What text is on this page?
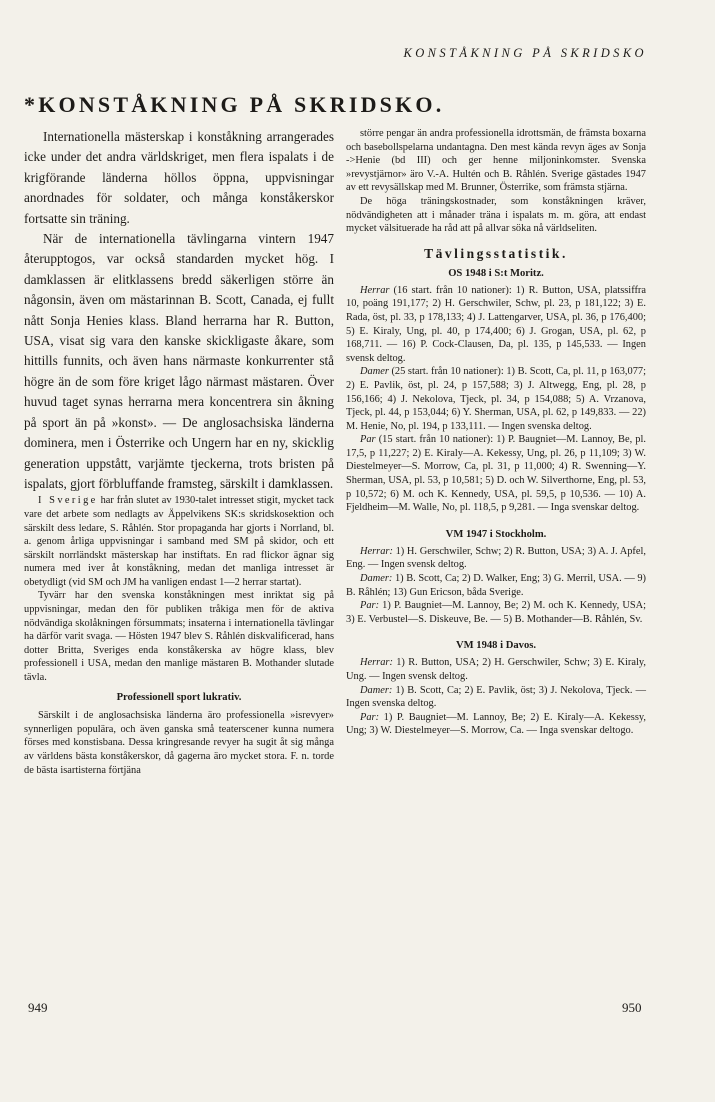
KONSTÅKNING PÅ SKRIDSKO
*KONSTÅKNING PÅ SKRIDSKO.

Internationella mästerskap i konståkning arrangerades icke under det andra världskriget, men flera ispalats i de krigförande länderna höllos öppna, uppvisningar anordnades för soldater, och många konståkerskor fortsatte sin träning.

När de internationella tävlingarna vintern 1947 återupptogos, var också standarden mycket hög. I damklassen är elitklassens bredd säkerligen större än någonsin, även om mästarinnan B. Scott, Canada, ej fullt nått Sonja Henies klass. Bland herrarna har R. Button, USA, visat sig vara den kanske skickligaste åkare, som hittills funnits, och även hans närmaste konkurrenter stå högre än de som före kriget lågo närmast mästaren. Över huvud taget synas herrarna mera koncentrera sin åkning på sport än på »konst». — De anglosachsiska länderna dominera, men i Österrike och Ungern har en ny, skicklig generation uppstått, varjämte tjeckerna, trots bristen på ispalats, gjort förbluffande framsteg, särskilt i damklassen.

I Sverige har från slutet av 1930-talet intresset stigit, mycket tack vare det arbete som nedlagts av Äppelvikens SK:s skridskosektion och särskilt dess ledare, S. Råhlén. Stor propaganda har gjorts i Norrland, bl. a. genom årliga uppvisningar i samband med SM på skidor, och ett särskilt norrländskt mästerskap har instiftats. En rad flickor ägnar sig numera med iver åt konståkning, medan det manliga intresset är obetydligt (vid SM och JM ha vanligen endast 1—2 herrar startat).

Tyvärr har den svenska konståkningen mest inriktat sig på uppvisningar, medan den för publiken tråkiga men för de aktiva nödvändiga skolåkningen försummats; insaterna i internationella tävlingar ha därför varit svaga. — Hösten 1947 blev S. Råhlén diskvalificerad, hans dotter Britta, Sveriges enda konståkerska av högre klass, blev professionell i USA, medan den manlige mästaren B. Mothander slutade tävla.

Professionell sport lukrativ.

Särskilt i de anglosachsiska länderna äro professionella »isrevyer» synnerligen populära, och även ganska små teaterscener kunna numera förses med konstisbana. Dessa kringresande revyer ha sugit åt sig många av världens bästa konståkerskor, då gagerna äro mycket stora. F. n. torde de bästa isartisterna förtjäna

större pengar än andra professionella idrottsmän, de främsta boxarna och basebollspelarna undantagna. Den mest kända revyn äges av Sonja ->Henie (bd III) och ger henne miljoninkomster. Svenska »revystjärnor» äro V.-A. Hultén och B. Råhlén. Sverige gästades 1947 av ett revysällskap med M. Brunner, Österrike, som främsta stjärna.

De höga träningskostnader, som konståkningen kräver, nödvändigheten att i månader träna i ispalats m. m. göra, att endast mycket välsituerade ha råd att på allvar söka nå världseliten.

Tävlingsstatistik.
OS 1948 i S:t Moritz.

Herrar (16 start. från 10 nationer): 1) R. Button, USA, platssiffra 10, poäng 191,177; 2) H. Gerschwiler, Schw, pl. 23, p 181,122; 3) E. Rada, öst, pl. 33, p 178,133; 4) J. Lattengarver, USA, pl. 36, p 176,400; 5) E. Kiraly, Ung, pl. 40, p 174,400; 6) J. Grogan, USA, pl. 62, p 168,711. — 16) P. Cock-Clausen, Da, pl. 135, p 145,533. — Ingen svensk deltog.

Damer (25 start. från 10 nationer): 1) B. Scott, Ca, pl. 11, p 163,077; 2) E. Pavlik, öst, pl. 24, p 157,588; 3) J. Altwegg, Eng, pl. 28, p 156,166; 4) J. Nekolova, Tjeck, pl. 34, p 154,088; 5) A. Vrzanova, Tjeck, pl. 44, p 153,044; 6) Y. Sherman, USA, pl. 62, p 149,833. — 22) M. Henie, No, pl. 194, p 133,111. — Ingen svenska deltog.

Par (15 start. från 10 nationer): 1) P. Baugniet—M. Lannoy, Be, pl. 17,5, p 11,227; 2) E. Kiraly—A. Kekessy, Ung, pl. 26, p 11,109; 3) W. Diestelmeyer—S. Morrow, Ca, pl. 31, p 11,000; 4) R. Swenning—Y. Sherman, USA, pl. 53, p 10,581; 5) D. och W. Silverthorne, Eng, pl. 53, p 10,572; 6) M. och K. Kennedy, USA, pl. 59,5, p 10,536. — 10) A. Fjeldheim—M. Walle, No, pl. 118,5, p 9,281. — Inga svenskar deltog.

VM 1947 i Stockholm.

Herrar: 1) H. Gerschwiler, Schw; 2) R. Button, USA; 3) A. J. Apfel, Eng. — Ingen svensk deltog.

Damer: 1) B. Scott, Ca; 2) D. Walker, Eng; 3) G. Merril, USA. — 9) B. Råhlén; 13) Gun Ericson, båda Sverige.

Par: 1) P. Baugniet—M. Lannoy, Be; 2) M. och K. Kennedy, USA; 3) E. Verbustel—S. Diskeuve, Be. — 5) B. Mothander—B. Råhlén, Sv.

VM 1948 i Davos.

Herrar: 1) R. Button, USA; 2) H. Gerschwiler, Schw; 3) E. Kiraly, Ung. — Ingen svensk deltog.

Damer: 1) B. Scott, Ca; 2) E. Pavlik, öst; 3) J. Nekolova, Tjeck. — Ingen svenska deltog.

Par: 1) P. Baugniet—M. Lannoy, Be; 2) E. Kiraly—A. Kekessy, Ung; 3) W. Diestelmeyer—S. Morrow, Ca. — Inga svenskar deltogo.

949	950
